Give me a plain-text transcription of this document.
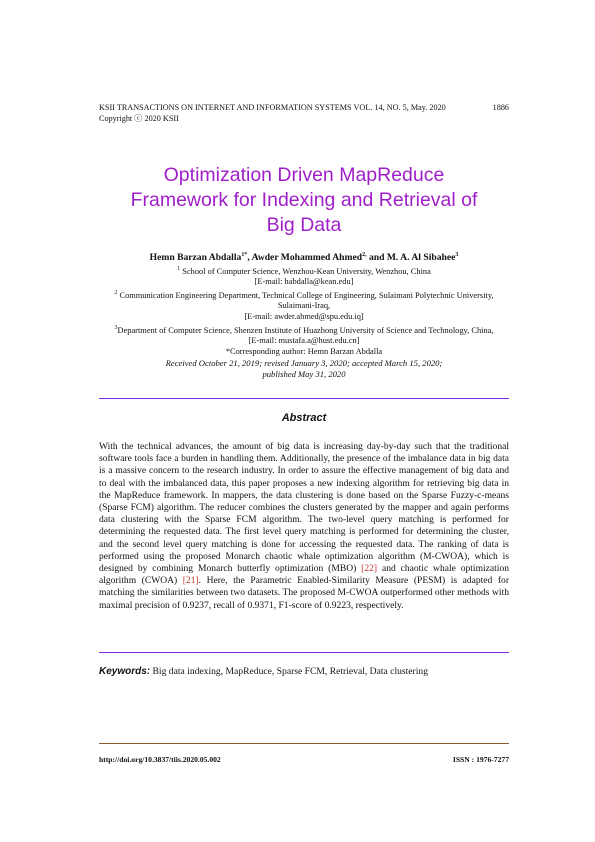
KSII TRANSACTIONS ON INTERNET AND INFORMATION SYSTEMS VOL. 14, NO. 5, May. 2020
Copyright ⓒ 2020 KSII
1886
Optimization Driven MapReduce
Framework for Indexing and Retrieval of
Big Data
Hemn Barzan Abdalla$^{1*}$, Awder Mohammed Ahmed$^{2,}$ and M. A. Al Sibahee$^3$
$^1$ School of Computer Science, Wenzhou-Kean University, Wenzhou, China
[E-mail: habdalla@kean.edu]
$^2$ Communication Engineering Department, Technical College of Engineering, Sulaimani Polytechnic University,
Sulaimani-Iraq,
[E-mail: awder.ahmed@spu.edu.iq]
$^3$Department of Computer Science, Shenzen Institute of Huazhong University of Science and Technology, China,
[E-mail: mustafa.a@hust.edu.cn]
*Corresponding author: Hemn Barzan Abdalla
Received October 21, 2019; revised January 3, 2020; accepted March 15, 2020;
published May 31, 2020
Abstract
With the technical advances, the amount of big data is increasing day-by-day such that the traditional software tools face a burden in handling them. Additionally, the presence of the imbalance data in big data is a massive concern to the research industry. In order to assure the effective management of big data and to deal with the imbalanced data, this paper proposes a new indexing algorithm for retrieving big data in the MapReduce framework. In mappers, the data clustering is done based on the Sparse Fuzzy-c-means (Sparse FCM) algorithm. The reducer combines the clusters generated by the mapper and again performs data clustering with the Sparse FCM algorithm. The two-level query matching is performed for determining the requested data. The first level query matching is performed for determining the cluster, and the second level query matching is done for accessing the requested data. The ranking of data is performed using the proposed Monarch chaotic whale optimization algorithm (M-CWOA), which is designed by combining Monarch butterfly optimization (MBO) [22] and chaotic whale optimization algorithm (CWOA) [21]. Here, the Parametric Enabled-Similarity Measure (PESM) is adapted for matching the similarities between two datasets. The proposed M-CWOA outperformed other methods with maximal precision of 0.9237, recall of 0.9371, F1-score of 0.9223, respectively.
Keywords: Big data indexing, MapReduce, Sparse FCM, Retrieval, Data clustering
http://doi.org/10.3837/tiis.2020.05.002	ISSN : 1976-7277
